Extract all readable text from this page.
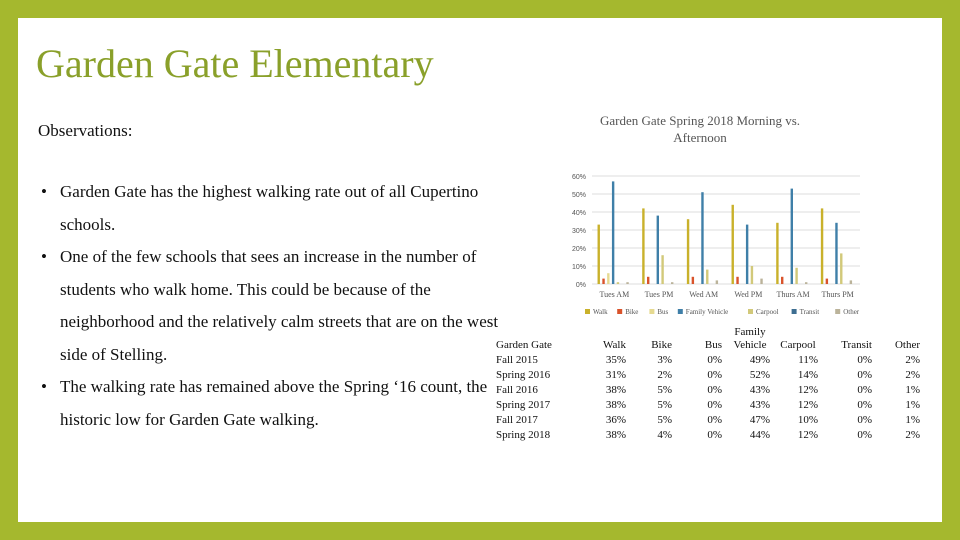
Garden Gate Elementary
Observations:
• Garden Gate has the highest walking rate out of all Cupertino schools.
• One of the few schools that sees an increase in the number of students who walk home. This could be because of the neighborhood and the relatively calm streets that are on the west side of Stelling.
• The walking rate has remained above the Spring ‘16 count, the historic low for Garden Gate walking.
Garden Gate Spring 2018 Morning vs. Afternoon
0%
10%
20%
30%
40%
50%
60%
Tues AM Tues PM Wed AM Wed PM Thurs AM Thurs PM
Walk	Bike	Bus Family Vehicle	Carpool	Transit	Other
Garden Gate	Walk	Bike	Bus	Family Vehicle	Carpool	Transit	Other
Fall 2015	35%	3%	0%	49%	11%	0%	2%
Spring 2016	31%	2%	0%	52%	14%	0%	2%
Fall 2016	38%	5%	0%	43%	12%	0%	1%
Spring 2017	38%	5%	0%	43%	12%	0%	1%
Fall 2017	36%	5%	0%	47%	10%	0%	1%
Spring 2018	38%	4%	0%	44%	12%	0%	2%
